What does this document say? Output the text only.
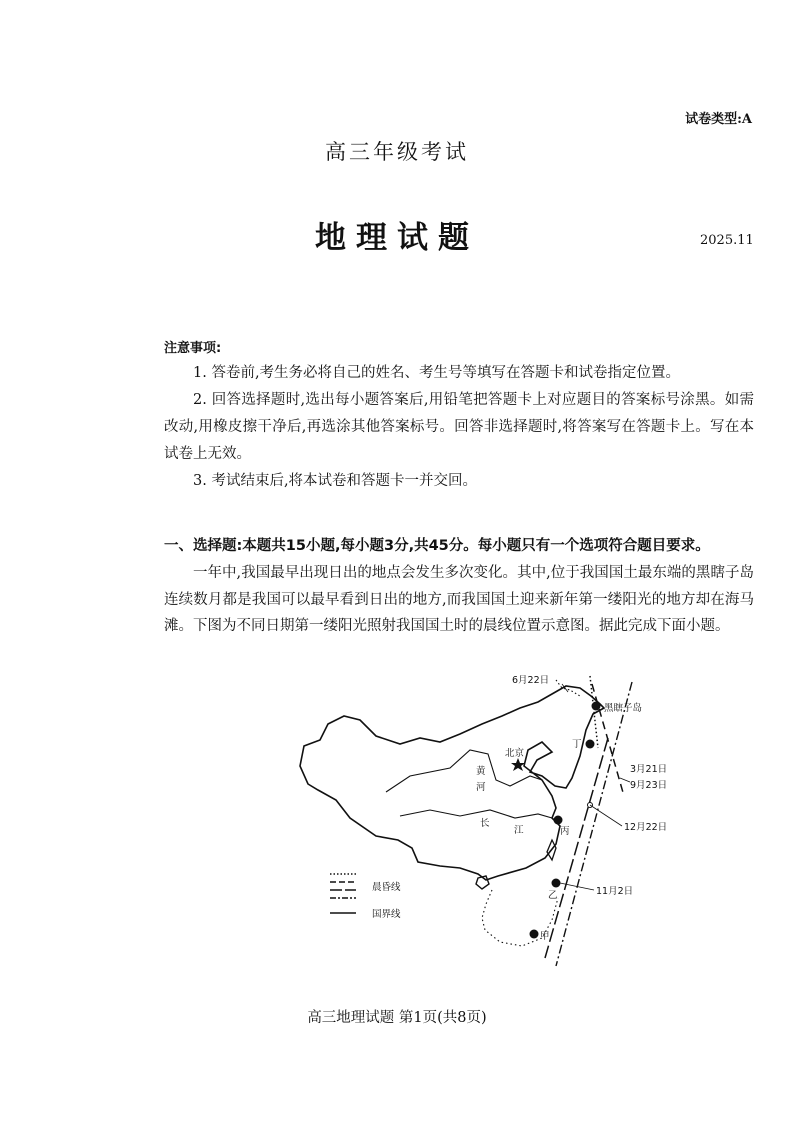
试卷类型:A
高三年级考试
地理试题	2025.11
注意事项:
1. 答卷前,考生务必将自己的姓名、考生号等填写在答题卡和试卷指定位置。
2. 回答选择题时,选出每小题答案后,用铅笔把答题卡上对应题目的答案标号涂黑。如需改动,用橡皮擦干净后,再选涂其他答案标号。回答非选择题时,将答案写在答题卡上。写在本试卷上无效。
3. 考试结束后,将本试卷和答题卡一并交回。
一、选择题:本题共15小题,每小题3分,共45分。每小题只有一个选项符合题目要求。
一年中,我国最早出现日出的地点会发生多次变化。其中,位于我国国土最东端的黑瞎子岛连续数月都是我国可以最早看到日出的地方,而我国国土迎来新年第一缕阳光的地方却在海马滩。下图为不同日期第一缕阳光照射我国国土时的晨线位置示意图。据此完成下面小题。
6月22日
黑瞎子岛
丁
北京
黄
河
长
江	丙
3月21日
9月23日
12月22日
11月2日
乙
甲
晨昏线
国界线
高三地理试题 第1页(共8页)
